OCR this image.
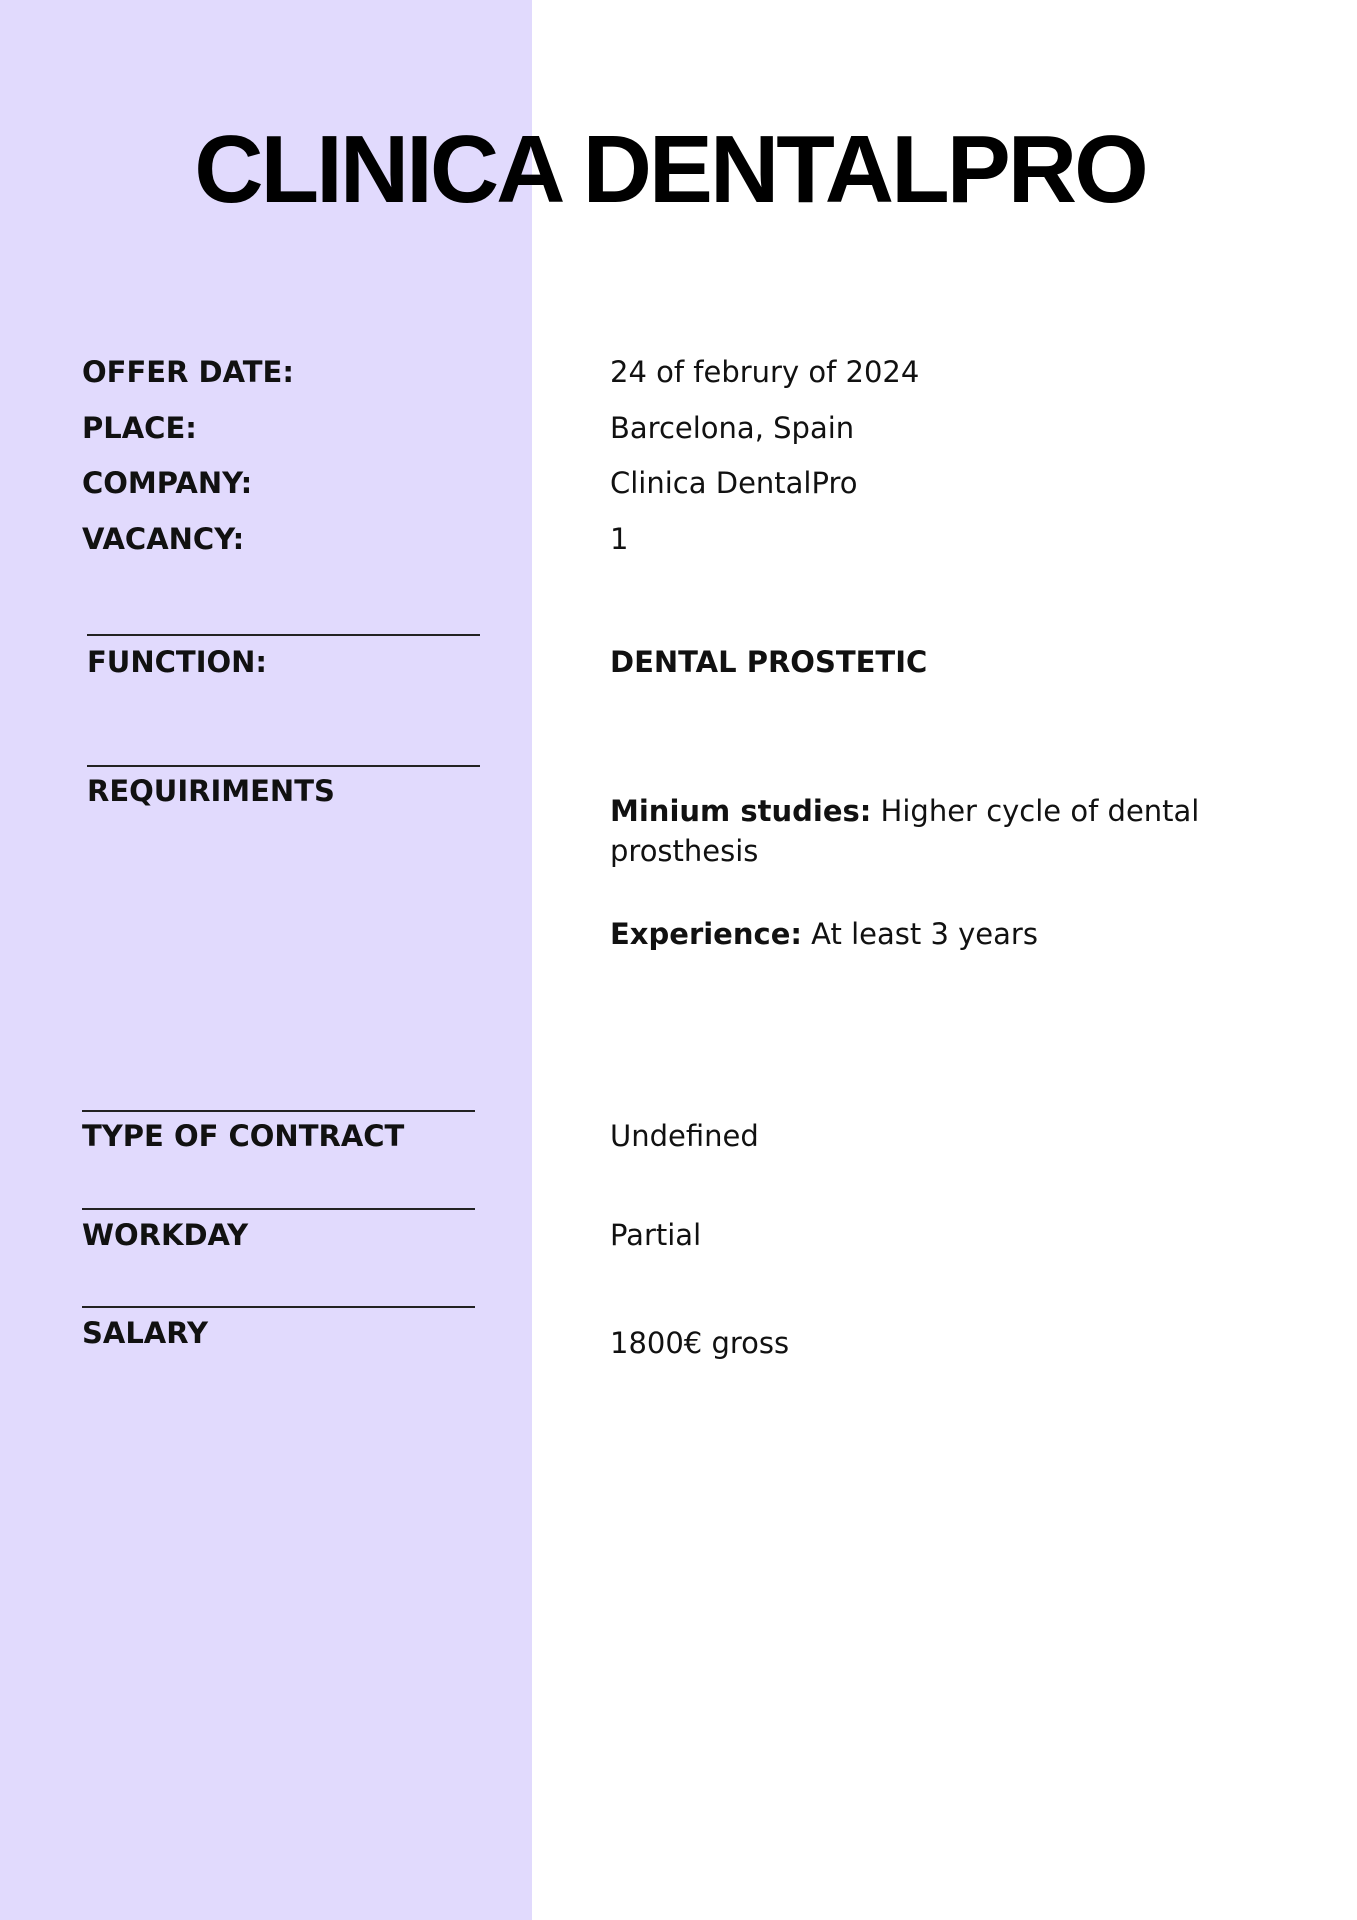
CLINICA DENTALPRO
OFFER DATE:	24 of februry of 2024
PLACE:	Barcelona, Spain
COMPANY:	Clinica DentalPro
VACANCY:	1
FUNCTION:	DENTAL PROSTETIC
REQUIRIMENTS
Minium studies: Higher cycle of dental prosthesis
Experience: At least 3 years
TYPE OF CONTRACT	Undefined
WORKDAY	Partial
SALARY	1800€ gross
